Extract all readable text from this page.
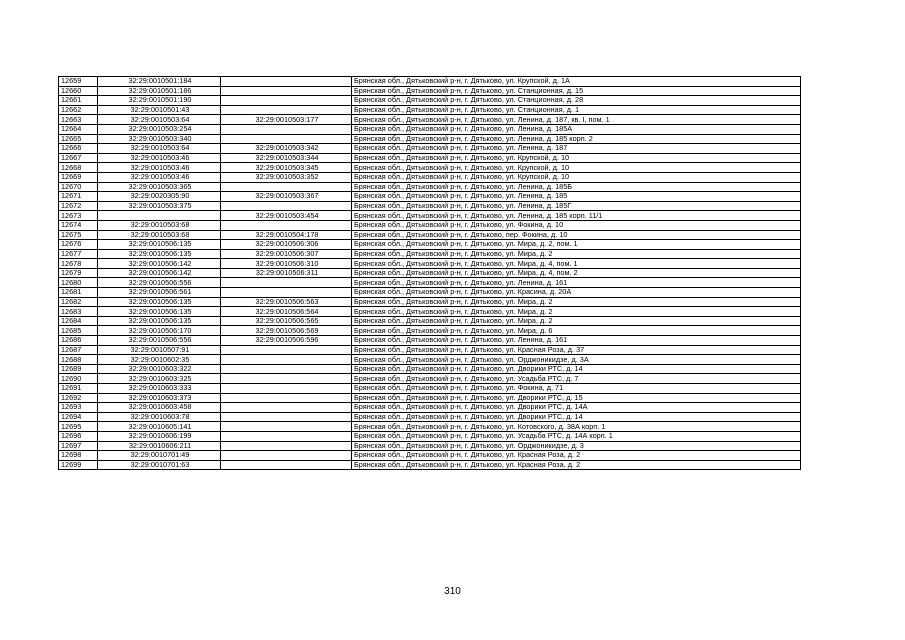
12659	32:29:0010501:184		Брянская обл., Дятьковский р-н, г. Дятьково, ул. Крупской, д. 1А
12660	32:29:0010501:186		Брянская обл., Дятьковский р-н, г. Дятьково, ул. Станционная, д. 15
12661	32:29:0010501:190		Брянская обл., Дятьковский р-н, г. Дятьково, ул. Станционная, д. 28
12662	32:29:0010501:43		Брянская обл., Дятьковский р-н, г. Дятьково, ул. Станционная, д. 1
12663	32:29:0010503:64	32:29:0010503:177	Брянская обл., Дятьковский р-н, г. Дятьково, ул. Ленина, д. 187, кв. I, пом. 1
12664	32:29:0010503:254		Брянская обл., Дятьковский р-н, г. Дятьково, ул. Ленина, д. 185А
12665	32:29:0010503:340		Брянская обл., Дятьковский р-н, г. Дятьково, ул. Ленина, д. 185 корп. 2
12666	32:29:0010503:64	32:29:0010503:342	Брянская обл., Дятьковский р-н, г. Дятьково, ул. Ленина, д. 187
12667	32:29:0010503:46	32:29:0010503:344	Брянская обл., Дятьковский р-н, г. Дятьково, ул. Крупской, д. 10
12668	32:29:0010503:46	32:29:0010503:345	Брянская обл., Дятьковский р-н, г. Дятьково, ул. Крупской, д. 10
12669	32:29:0010503:46	32:29:0010503:352	Брянская обл., Дятьковский р-н, г. Дятьково, ул. Крупской, д. 10
12670	32:29:0010503:365		Брянская обл., Дятьковский р-н, г. Дятьково, ул. Ленина, д. 185Б
12671	32:29:0020305:90	32:29:0010503:367	Брянская обл., Дятьковский р-н, г. Дятьково, ул. Ленина, д. 185
12672	32:29:0010503:375		Брянская обл., Дятьковский р-н, г. Дятьково, ул. Ленина, д. 185Г
12673		32:29:0010503:454	Брянская обл., Дятьковский р-н, г. Дятьково, ул. Ленина, д. 185 корп. 11/1
12674	32:29:0010503:68		Брянская обл., Дятьковский р-н, г. Дятьково, ул. Фокина, д. 10
12675	32:29:0010503:68	32:29:0010504:178	Брянская обл., Дятьковский р-н, г. Дятьково, пер. Фокина, д. 10
12676	32:29:0010506:135	32:29:0010506:306	Брянская обл., Дятьковский р-н, г. Дятьково, ул. Мира, д. 2, пом. 1
12677	32:29:0010506:135	32:29:0010506:307	Брянская обл., Дятьковский р-н, г. Дятьково, ул. Мира, д. 2
12678	32:29:0010506:142	32:29:0010506:310	Брянская обл., Дятьковский р-н, г. Дятьково, ул. Мира, д. 4, пом. 1
12679	32:29:0010506:142	32:29:0010506:311	Брянская обл., Дятьковский р-н, г. Дятьково, ул. Мира, д. 4, пом. 2
12680	32:29:0010506:556		Брянская обл., Дятьковский р-н, г. Дятьково, ул. Ленина, д. 161
12681	32:29:0010506:561		Брянская обл., Дятьковский р-н, г. Дятьково, ул. Красина, д. 20А
12682	32:29:0010506:135	32:29:0010506:563	Брянская обл., Дятьковский р-н, г. Дятьково, ул. Мира, д. 2
12683	32:29:0010506:135	32:29:0010506:564	Брянская обл., Дятьковский р-н, г. Дятьково, ул. Мира, д. 2
12684	32:29:0010506:135	32:29:0010506:565	Брянская обл., Дятьковский р-н, г. Дятьково, ул. Мира, д. 2
12685	32:29:0010506:170	32:29:0010506:569	Брянская обл., Дятьковский р-н, г. Дятьково, ул. Мира, д. 6
12686	32:29:0010506:556	32:29:0010506:596	Брянская обл., Дятьковский р-н, г. Дятьково, ул. Ленина, д. 161
12687	32:29:0010507:91		Брянская обл., Дятьковский р-н, г. Дятьково, ул. Красная Роза, д. 37
12688	32:29:0010602:35		Брянская обл., Дятьковский р-н, г. Дятьково, ул. Орджоникидзе, д. 3А
12689	32:29:0010603:322		Брянская обл., Дятьковский р-н, г. Дятьково, ул. Дворики РТС, д. 14
12690	32:29:0010603:325		Брянская обл., Дятьковский р-н, г. Дятьково, ул. Усадьба РТС, д. 7
12691	32:29:0010603:333		Брянская обл., Дятьковский р-н, г. Дятьково, ул. Фокина, д. 71
12692	32:29:0010603:373		Брянская обл., Дятьковский р-н, г. Дятьково, ул. Дворики РТС, д. 15
12693	32:29:0010603:458		Брянская обл., Дятьковский р-н, г. Дятьково, ул. Дворики РТС, д. 14А
12694	32:29:0010603:78		Брянская обл., Дятьковский р-н, г. Дятьково, ул. Дворики РТС, д. 14
12695	32:29:0010605:141		Брянская обл., Дятьковский р-н, г. Дятьково, ул. Котовского, д. 38А корп. 1
12696	32:29:0010606:199		Брянская обл., Дятьковский р-н, г. Дятьково, ул. Усадьба РТС, д. 14А корп. 1
12697	32:29:0010606:211		Брянская обл., Дятьковский р-н, г. Дятьково, ул. Орджоникидзе, д. 3
12698	32:29:0010701:49		Брянская обл., Дятьковский р-н, г. Дятьково, ул. Красная Роза, д. 2
12699	32:29:0010701:63		Брянская обл., Дятьковский р-н, г. Дятьково, ул. Красная Роза, д. 2
310
